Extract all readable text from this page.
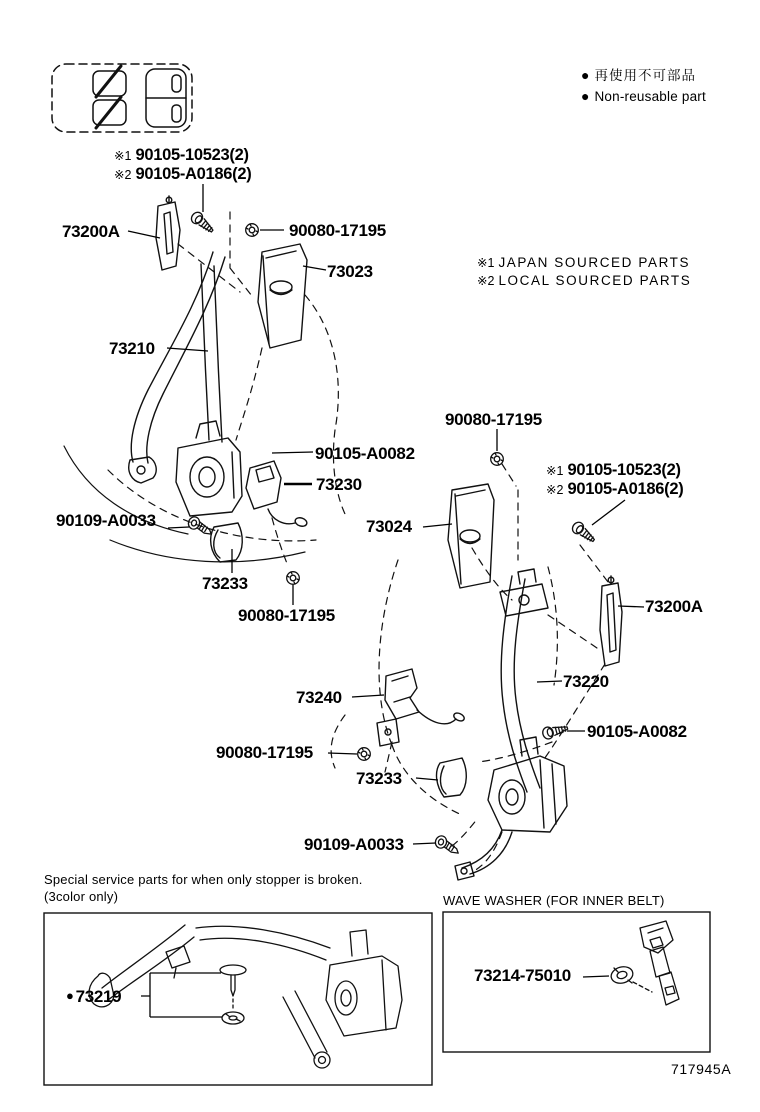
● 再使用不可部品
● Non-reusable part
※1 90105-10523(2)
※2 90105-A0186(2)
73200A	90080-17195
73023	※1 JAPAN SOURCED PARTS
※2 LOCAL SOURCED PARTS
73210
90105-A0082
73230
90080-17195
90109-A0033
※1 90105-10523(2)
※2 90105-A0186(2)
73024
73233
90080-17195	73200A
73220
73240
90105-A0082
90080-17195
73233
90109-A0033
Special service parts for when only stopper is broken.
(3color only)	WAVE WASHER (FOR INNER BELT)
● 73219
73214-75010
717945A
